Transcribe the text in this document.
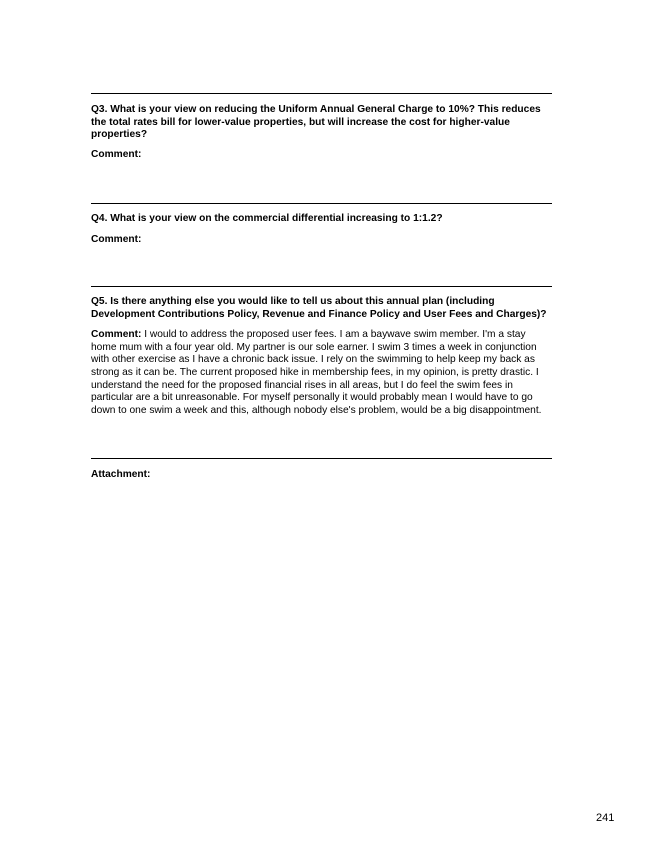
Q3. What is your view on reducing the Uniform Annual General Charge to 10%? This reduces the total rates bill for lower-value properties, but will increase the cost for higher-value properties?

Comment:

Q4. What is your view on the commercial differential increasing to 1:1.2?

Comment:

Q5. Is there anything else you would like to tell us about this annual plan (including Development Contributions Policy, Revenue and Finance Policy and User Fees and Charges)?

Comment: I would to address the proposed user fees. I am a baywave swim member. I'm a stay home mum with a four year old. My partner is our sole earner. I swim 3 times a week in conjunction with other exercise as I have a chronic back issue. I rely on the swimming to help keep my back as strong as it can be. The current proposed hike in membership fees, in my opinion, is pretty drastic. I understand the need for the proposed financial rises in all areas, but I do feel the swim fees in particular are a bit unreasonable. For myself personally it would probably mean I would have to go down to one swim a week and this, although nobody else's problem, would be a big disappointment.

Attachment:

241
